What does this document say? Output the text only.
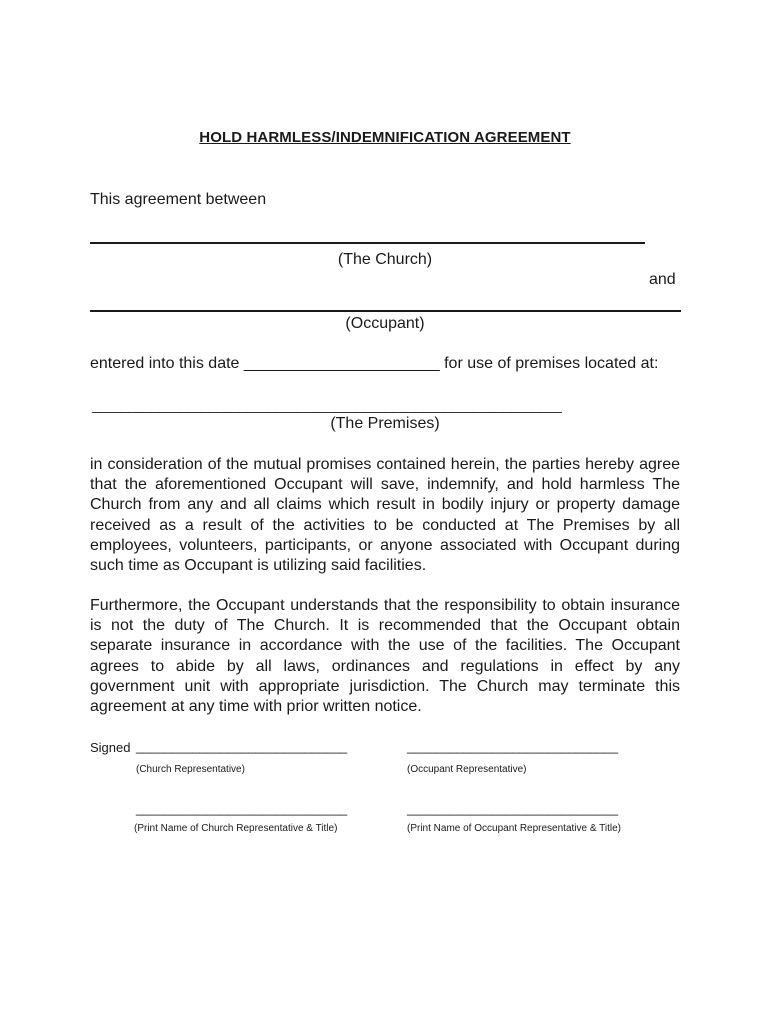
HOLD HARMLESS/INDEMNIFICATION AGREEMENT
This agreement between
(The Church)
and
(Occupant)
entered into this date ______________________ for use of premises located at:
________________________________________________________________
(The Premises)
in consideration of the mutual promises contained herein, the parties hereby agree that the aforementioned Occupant will save, indemnify, and hold harmless The Church from any and all claims which result in bodily injury or property damage received as a result of the activities to be conducted at The Premises by all employees, volunteers, participants, or anyone associated with Occupant during such time as Occupant is utilizing said facilities.
Furthermore, the Occupant understands that the responsibility to obtain insurance is not the duty of The Church. It is recommended that the Occupant obtain separate insurance in accordance with the use of the facilities. The Occupant agrees to abide by all laws, ordinances and regulations in effect by any government unit with appropriate jurisdiction. The Church may terminate this agreement at any time with prior written notice.
Signed ______________________________	______________________________
(Church Representative)	(Occupant Representative)
______________________________	______________________________
(Print Name of Church Representative & Title)	(Print Name of Occupant Representative & Title)
